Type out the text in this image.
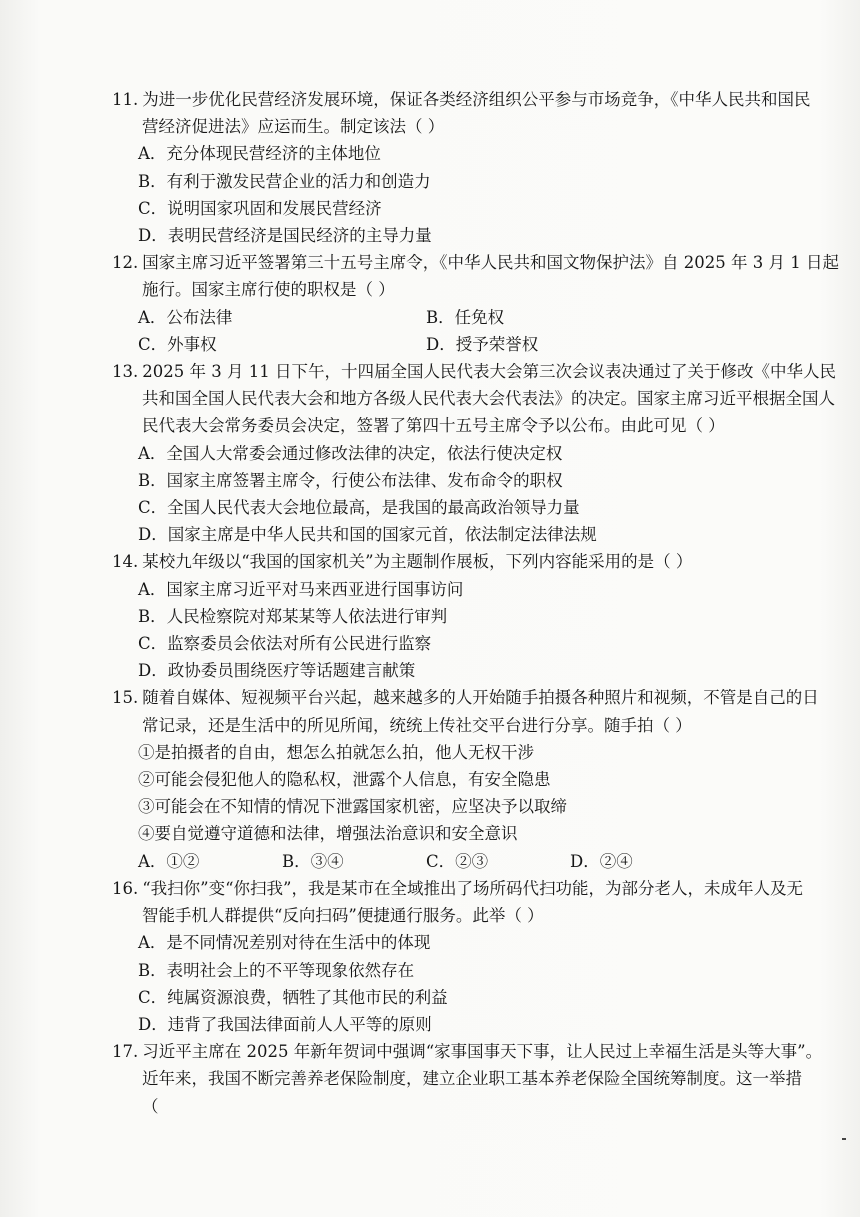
11. 为进一步优化民营经济发展环境，保证各类经济组织公平参与市场竞争，《中华人民共和国民
营经济促进法》应运而生。制定该法（ ）
A．充分体现民营经济的主体地位
B．有利于激发民营企业的活力和创造力
C．说明国家巩固和发展民营经济
D．表明民营经济是国民经济的主导力量
12. 国家主席习近平签署第三十五号主席令，《中华人民共和国文物保护法》自 2025 年 3 月 1 日起
施行。国家主席行使的职权是（ ）
A．公布法律	B．任免权
C．外事权	D．授予荣誉权
13. 2025 年 3 月 11 日下午，十四届全国人民代表大会第三次会议表决通过了关于修改《中华人民
共和国全国人民代表大会和地方各级人民代表大会代表法》的决定。国家主席习近平根据全国人
民代表大会常务委员会决定，签署了第四十五号主席令予以公布。由此可见（ ）
A．全国人大常委会通过修改法律的决定，依法行使决定权
B．国家主席签署主席令，行使公布法律、发布命令的职权
C．全国人民代表大会地位最高，是我国的最高政治领导力量
D．国家主席是中华人民共和国的国家元首，依法制定法律法规
14. 某校九年级以“我国的国家机关”为主题制作展板，下列内容能采用的是（ ）
A．国家主席习近平对马来西亚进行国事访问
B．人民检察院对郑某某等人依法进行审判
C．监察委员会依法对所有公民进行监察
D．政协委员围绕医疗等话题建言献策
15. 随着自媒体、短视频平台兴起，越来越多的人开始随手拍摄各种照片和视频，不管是自己的日
常记录，还是生活中的所见所闻，统统上传社交平台进行分享。随手拍（ ）
①是拍摄者的自由，想怎么拍就怎么拍，他人无权干涉
②可能会侵犯他人的隐私权，泄露个人信息，有安全隐患
③可能会在不知情的情况下泄露国家机密，应坚决予以取缔
④要自觉遵守道德和法律，增强法治意识和安全意识
A．①②	B．③④	C．②③	D．②④
16. “我扫你”变“你扫我”，我是某市在全域推出了场所码代扫功能，为部分老人，未成年人及无
智能手机人群提供“反向扫码”便捷通行服务。此举（ ）
A．是不同情况差别对待在生活中的体现
B．表明社会上的不平等现象依然存在
C．纯属资源浪费，牺牲了其他市民的利益
D．违背了我国法律面前人人平等的原则
17. 习近平主席在 2025 年新年贺词中强调“家事国事天下事，让人民过上幸福生活是头等大事”。
近年来，我国不断完善养老保险制度，建立企业职工基本养老保险全国统筹制度。这一举措
（
